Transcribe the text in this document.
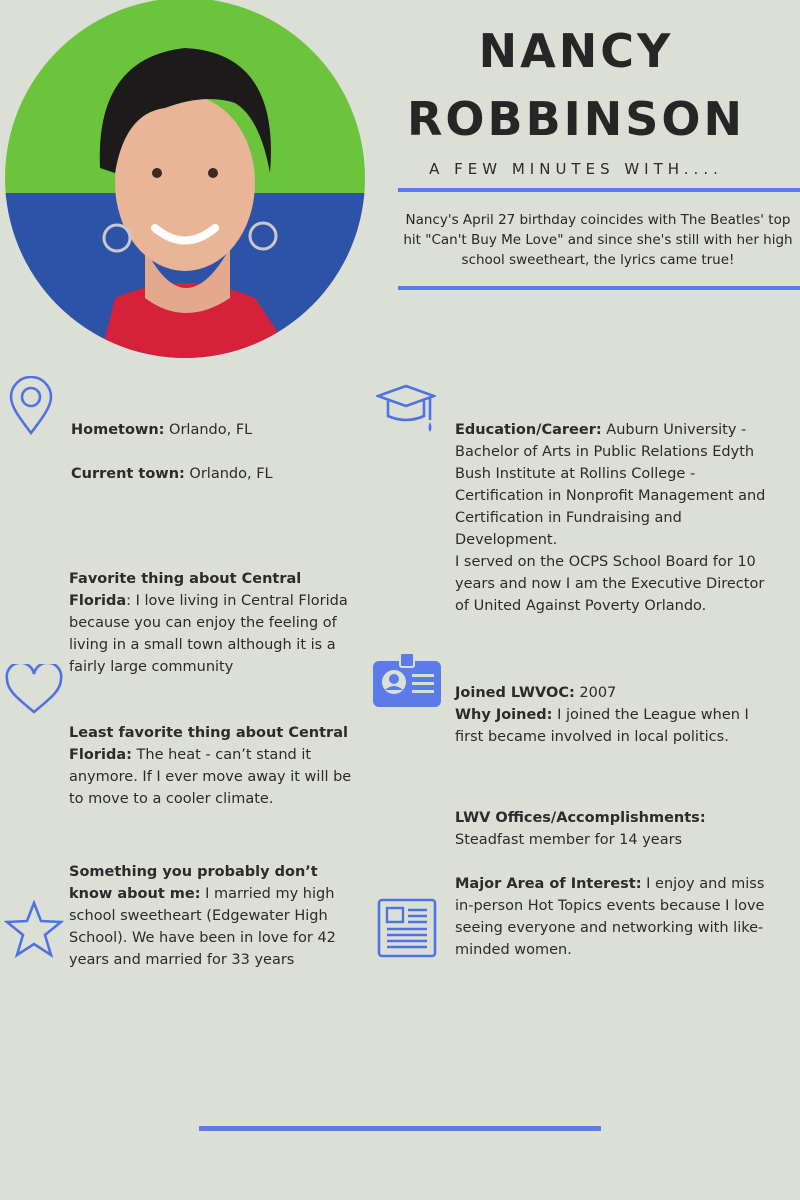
NANCY
ROBBINSON
A FEW MINUTES WITH....
Nancy's April 27 birthday coincides with The Beatles' top hit "Can't Buy Me Love" and since she's still with her high school sweetheart, the lyrics came true!
Hometown: Orlando, FL
Current town: Orlando, FL
Favorite thing about Central Florida: I love living in Central Florida because you can enjoy the feeling of living in a small town although it is a fairly large community
Least favorite thing about Central Florida: The heat - can’t stand it anymore. If I ever move away it will be to move to a cooler climate.
Something you probably don’t know about me: I married my high school sweetheart (Edgewater High School). We have been in love for 42 years and married for 33 years
Education/Career: Auburn University - Bachelor of Arts in Public Relations Edyth Bush Institute at Rollins College - Certification in Nonprofit Management and Certification in Fundraising and Development.
I served on the OCPS School Board for 10 years and now I am the Executive Director of United Against Poverty Orlando.
Joined LWVOC: 2007
Why Joined: I joined the League when I first became involved in local politics.
LWV Offices/Accomplishments:
Steadfast member for 14 years
Major Area of Interest: I enjoy and miss in-person Hot Topics events because I love seeing everyone and networking with like-minded women.
